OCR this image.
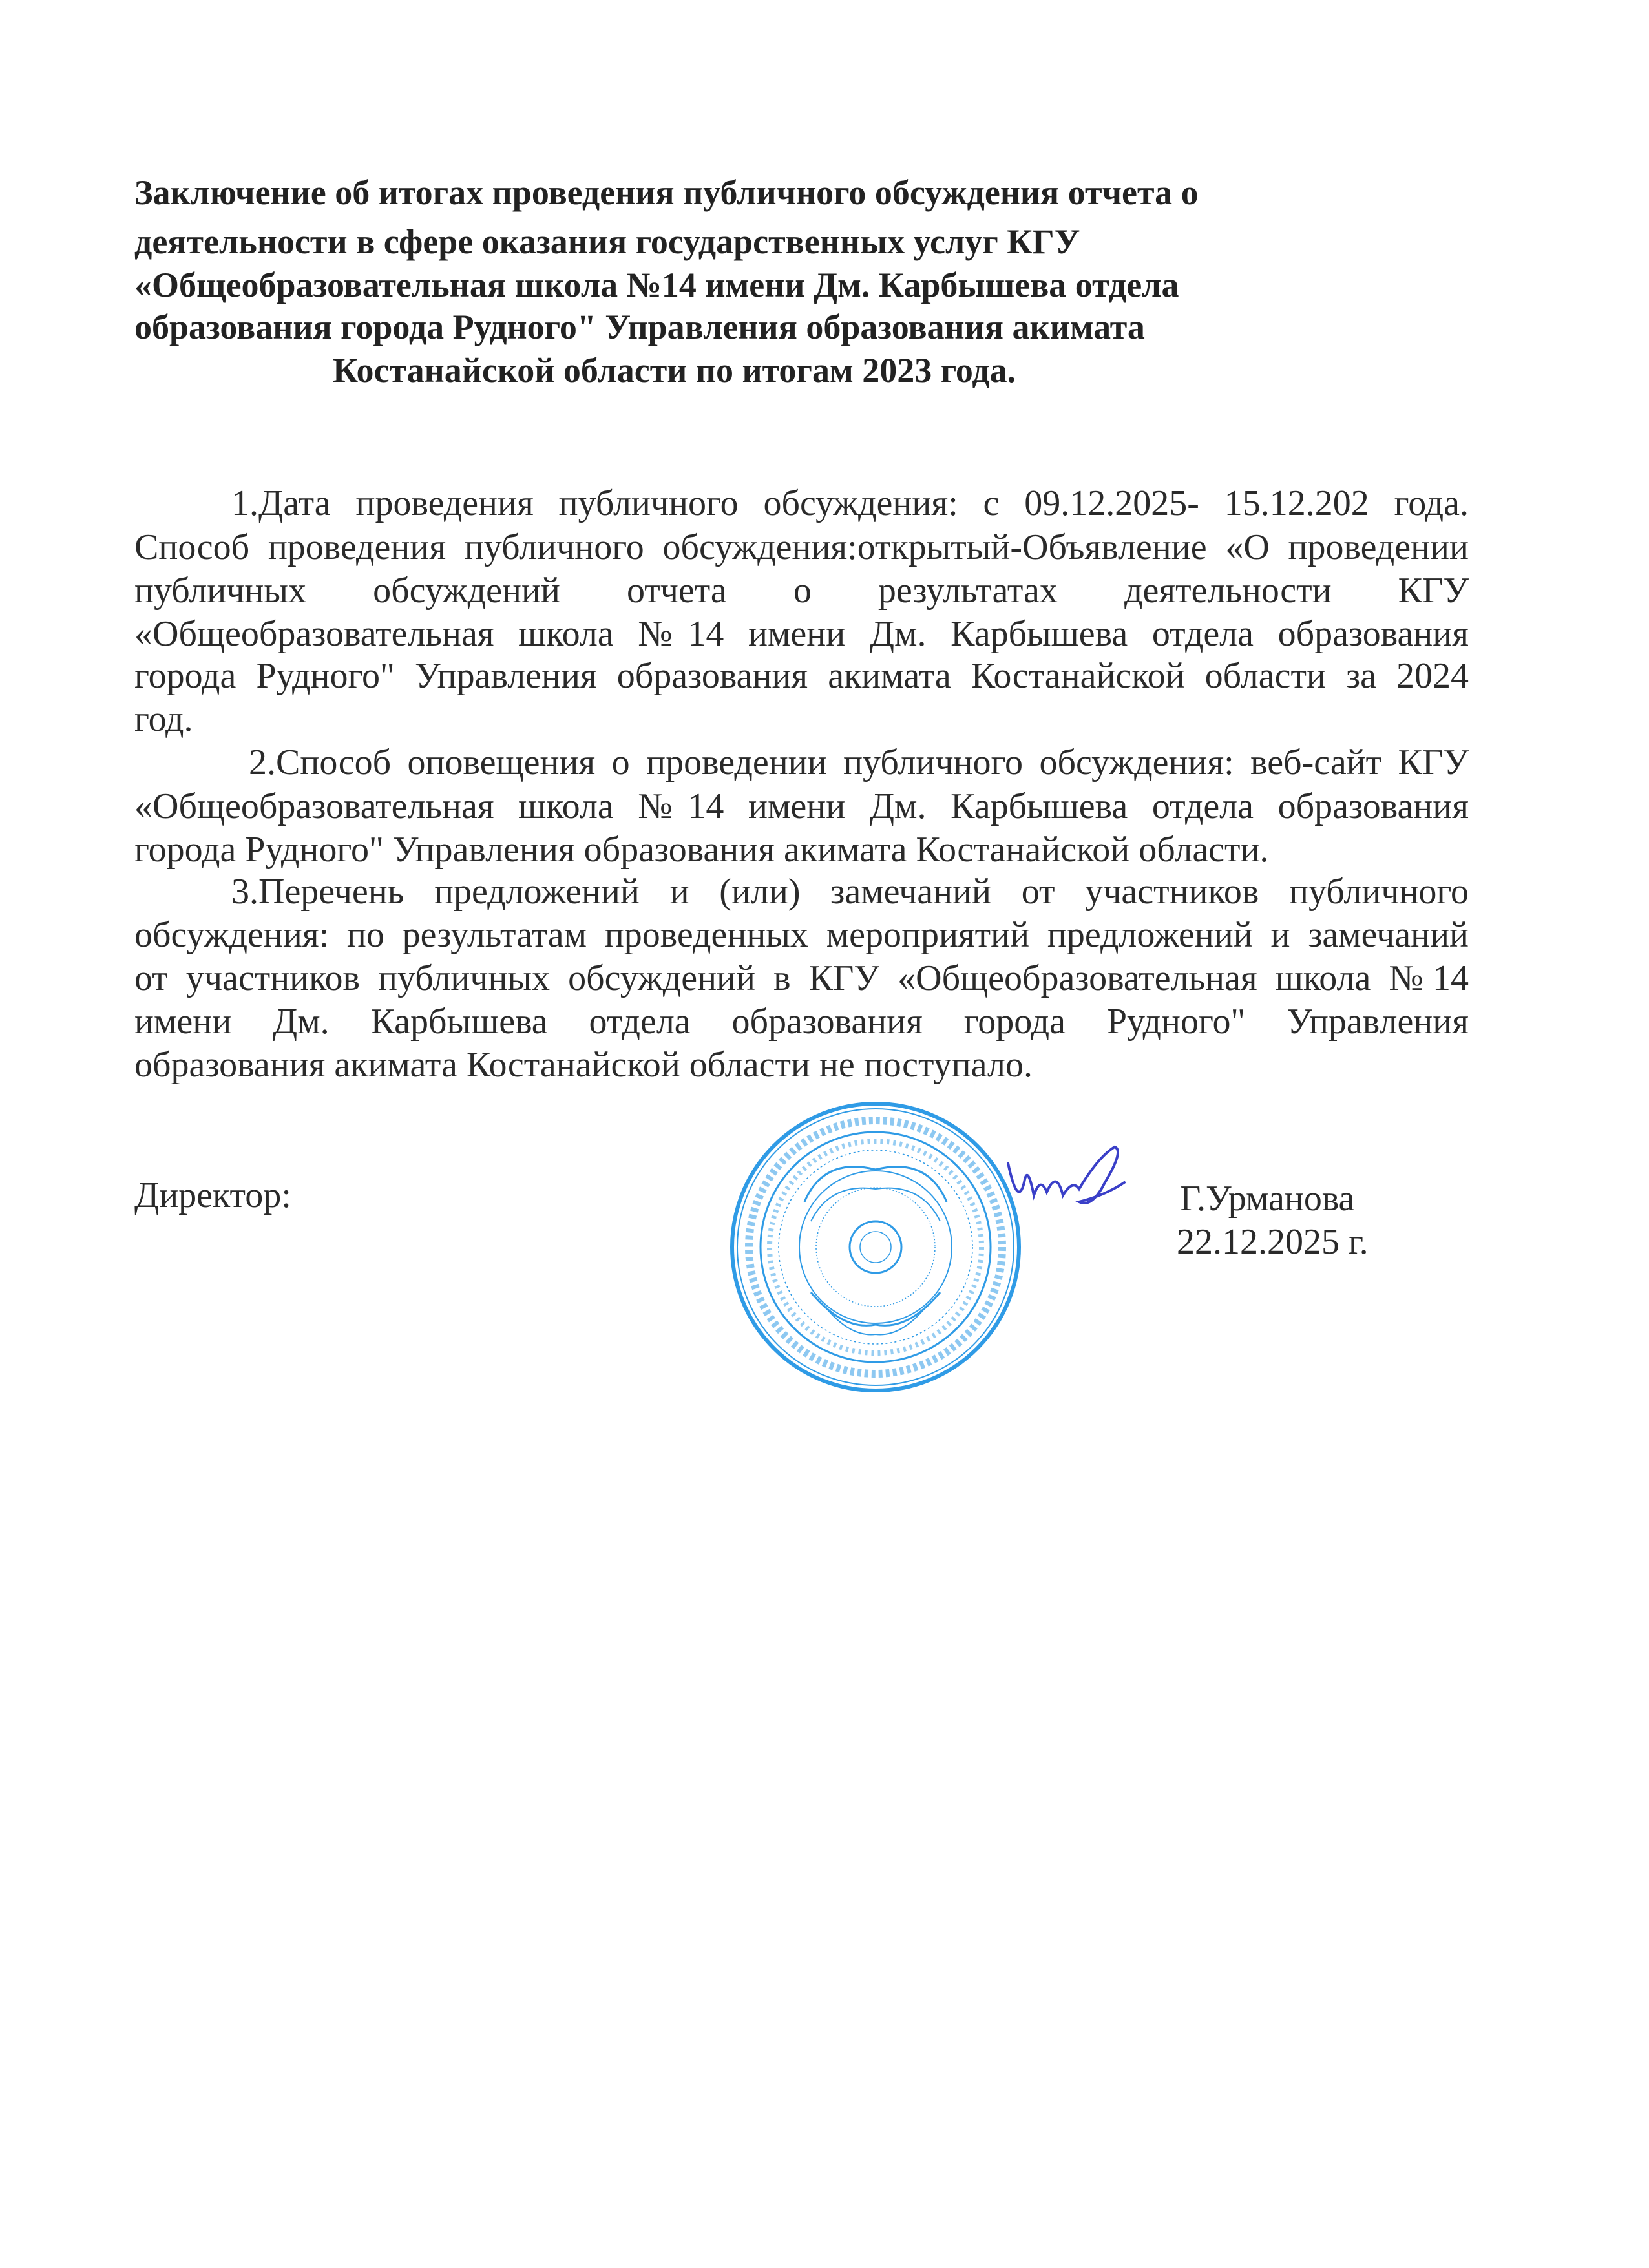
Заключение об итогах проведения публичного обсуждения отчета о
деятельности в сфере оказания государственных услуг КГУ
«Общеобразовательная школа №14 имени Дм. Карбышева отдела
образования города Рудного" Управления образования акимата
Костанайской области по итогам 2023 года.
1.Дата проведения публичного обсуждения: с 09.12.2025- 15.12.202 года.
Способ проведения публичного обсуждения:открытый-Объявление «О проведении
публичных обсуждений отчета о результатах деятельности КГУ
«Общеобразовательная школа №14 имени Дм. Карбышева отдела образования
города Рудного" Управления образования акимата Костанайской области за 2024
год.
2.Способ оповещения о проведении публичного обсуждения: веб-сайт КГУ
«Общеобразовательная школа №14 имени Дм. Карбышева отдела образования
города Рудного" Управления образования акимата Костанайской области.
3.Перечень предложений и (или) замечаний от участников публичного
обсуждения: по результатам проведенных мероприятий предложений и замечаний
от участников публичных обсуждений в КГУ «Общеобразовательная школа №14
имени Дм. Карбышева отдела образования города Рудного" Управления
образования акимата Костанайской области не поступало.
Директор:	Г.Урманова
22.12.2025 г.
